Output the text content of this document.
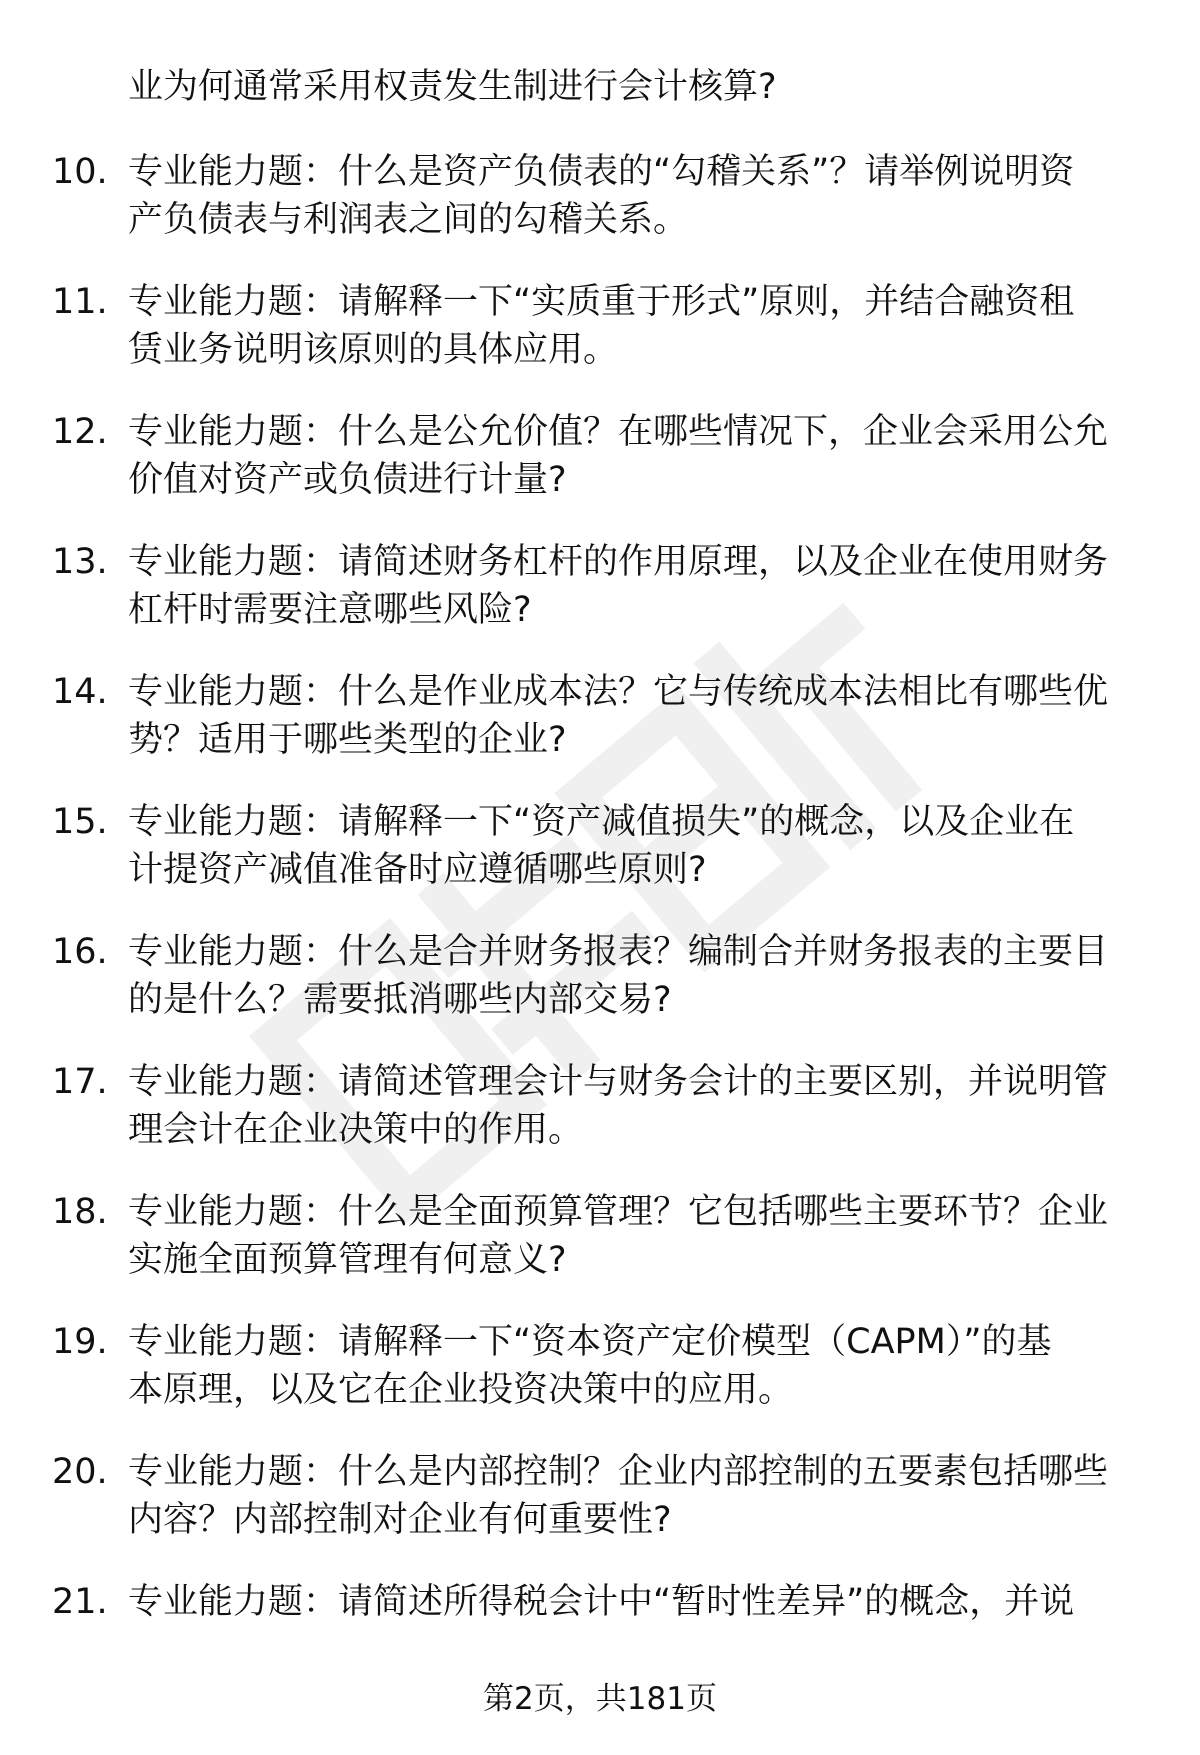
业为何通常采用权责发生制进行会计核算?
10. 专业能力题：什么是资产负债表的“勾稽关系”？请举例说明资
产负债表与利润表之间的勾稽关系。
11. 专业能力题：请解释一下“实质重于形式”原则，并结合融资租
赁业务说明该原则的具体应用。
12. 专业能力题：什么是公允价值？在哪些情况下，企业会采用公允
价值对资产或负债进行计量?
13. 专业能力题：请简述财务杠杆的作用原理，以及企业在使用财务
杠杆时需要注意哪些风险?
14. 专业能力题：什么是作业成本法？它与传统成本法相比有哪些优
势？适用于哪些类型的企业?
15. 专业能力题：请解释一下“资产减值损失”的概念，以及企业在
计提资产减值准备时应遵循哪些原则?
16. 专业能力题：什么是合并财务报表？编制合并财务报表的主要目
的是什么？需要抵消哪些内部交易?
17. 专业能力题：请简述管理会计与财务会计的主要区别，并说明管
理会计在企业决策中的作用。
18. 专业能力题：什么是全面预算管理？它包括哪些主要环节？企业
实施全面预算管理有何意义?
19. 专业能力题：请解释一下“资本资产定价模型（CAPM）”的基
本原理，以及它在企业投资决策中的应用。
20. 专业能力题：什么是内部控制？企业内部控制的五要素包括哪些
内容？内部控制对企业有何重要性?
21. 专业能力题：请简述所得税会计中“暂时性差异”的概念，并说
第2页，共181页
